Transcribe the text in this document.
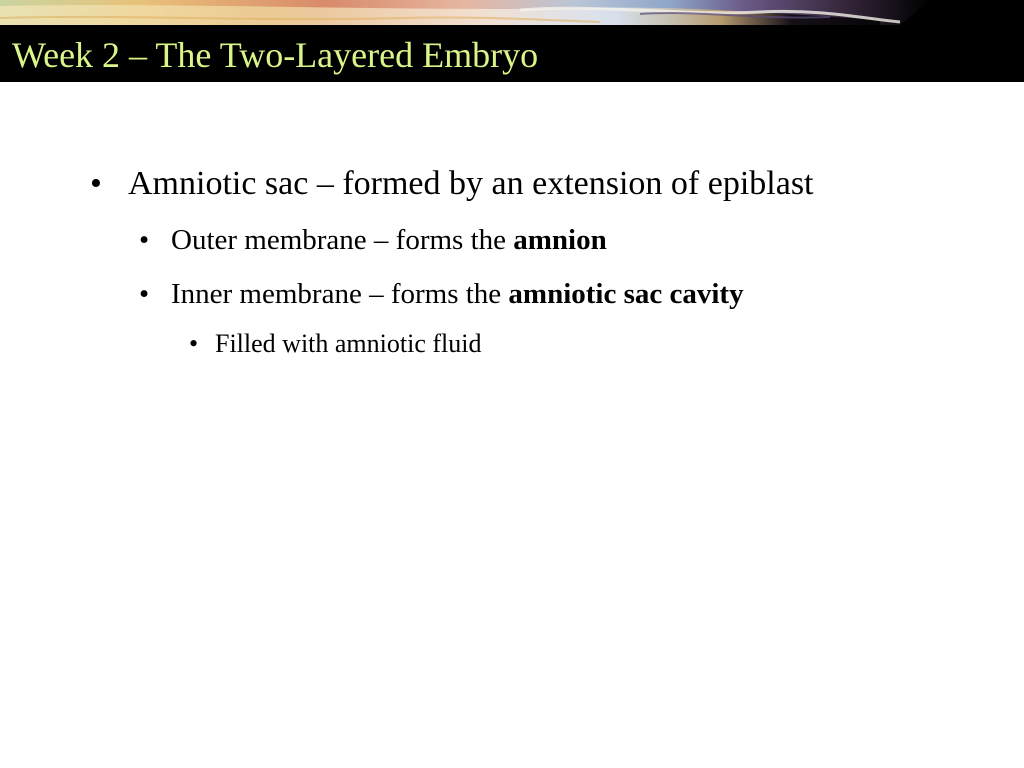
Week 2 – The Two-Layered Embryo
• Amniotic sac – formed by an extension of epiblast
• Outer membrane – forms the amnion
• Inner membrane – forms the amniotic sac cavity
• Filled with amniotic fluid
